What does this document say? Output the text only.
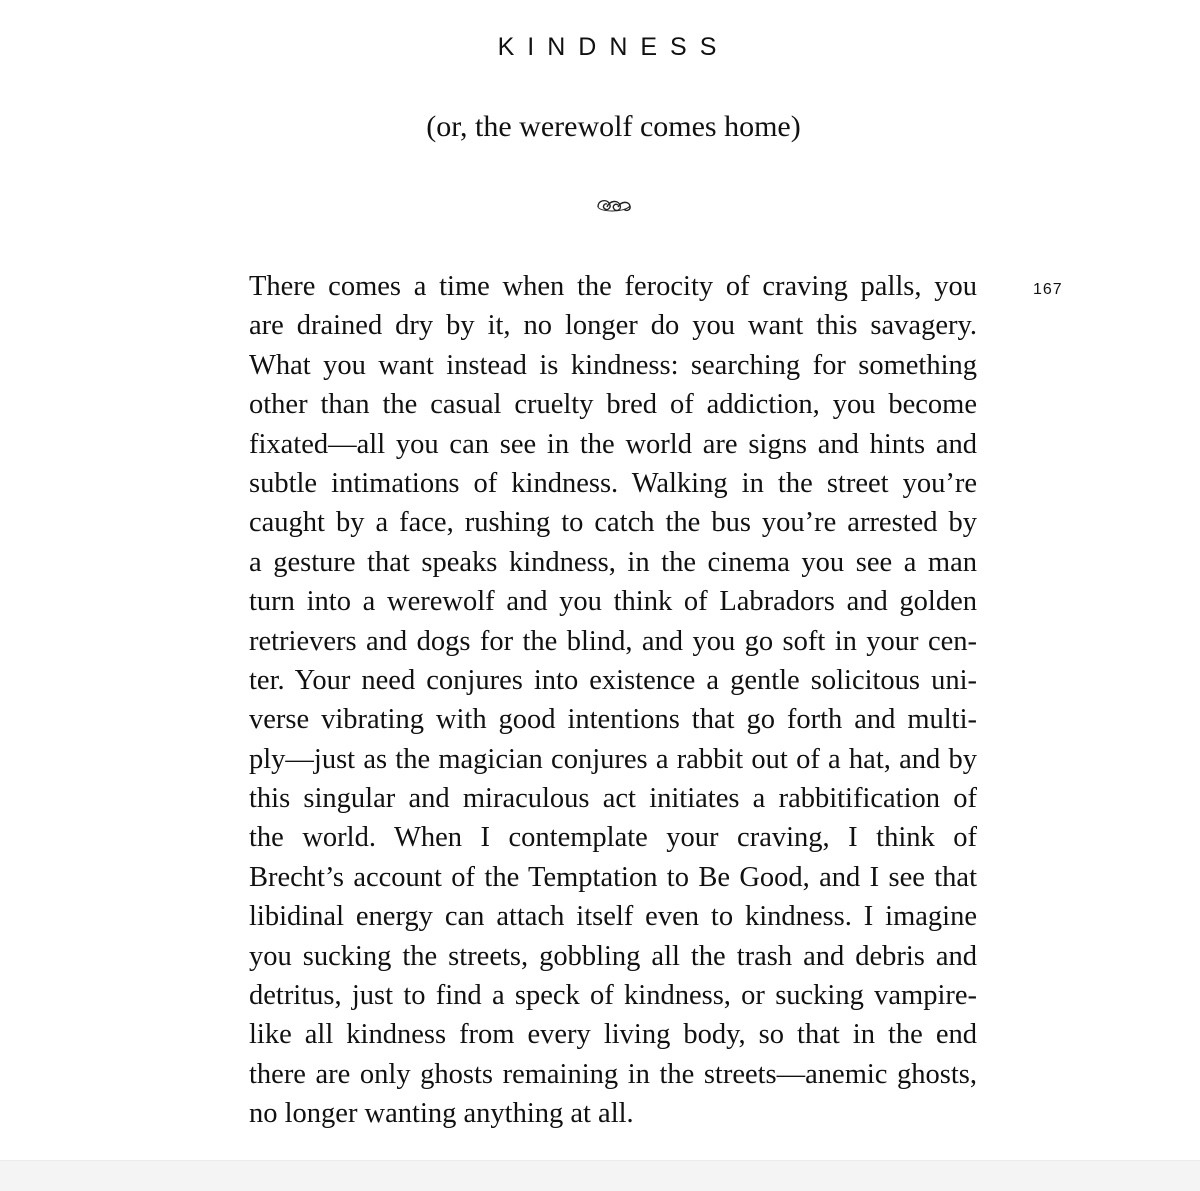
KINDNESS
(or, the werewolf comes home)
167
There comes a time when the ferocity of craving palls, you
are drained dry by it, no longer do you want this savagery.
What you want instead is kindness: searching for something
other than the casual cruelty bred of addiction, you become
fixated—all you can see in the world are signs and hints and
subtle intimations of kindness. Walking in the street you’re
caught by a face, rushing to catch the bus you’re arrested by
a gesture that speaks kindness, in the cinema you see a man
turn into a werewolf and you think of Labradors and golden
retrievers and dogs for the blind, and you go soft in your cen-
ter. Your need conjures into existence a gentle solicitous uni-
verse vibrating with good intentions that go forth and multi-
ply—just as the magician conjures a rabbit out of a hat, and by
this singular and miraculous act initiates a rabbitification of
the world. When I contemplate your craving, I think of
Brecht’s account of the Temptation to Be Good, and I see that
libidinal energy can attach itself even to kindness. I imagine
you sucking the streets, gobbling all the trash and debris and
detritus, just to find a speck of kindness, or sucking vampire-
like all kindness from every living body, so that in the end
there are only ghosts remaining in the streets—anemic ghosts,
no longer wanting anything at all.
